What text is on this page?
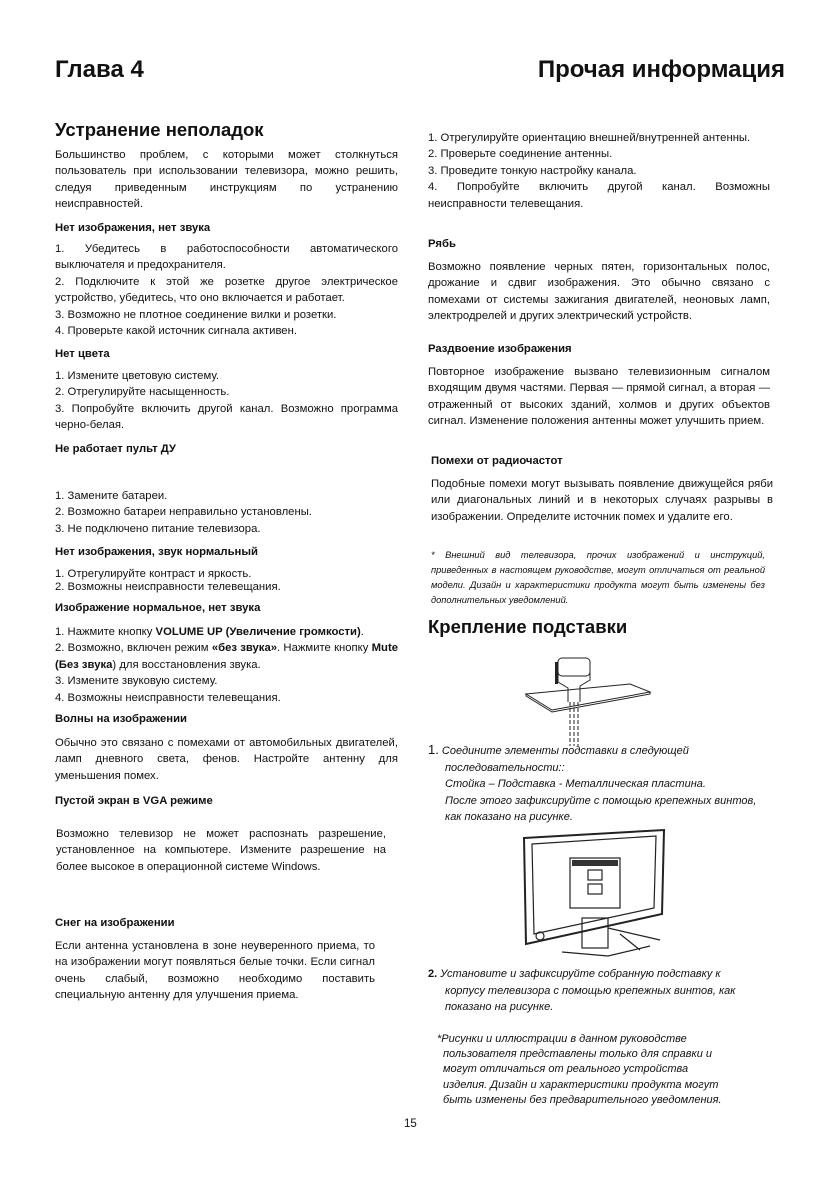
Глава 4	Прочая информация
Устранение неполадок
Большинство проблем, с которыми может столкнуться пользователь при использовании телевизора, можно решить, следуя приведенным инструкциям по устранению неисправностей.
Нет изображения, нет звука
1. Убедитесь в работоспособности автоматического выключателя и предохранителя.
2. Подключите к этой же розетке другое электрическое устройство, убедитесь, что оно включается и работает.
3. Возможно не плотное соединение вилки и розетки.
4. Проверьте какой источник сигнала активен.
Нет цвета
1. Измените цветовую систему.
2. Отрегулируйте насыщенность.
3. Попробуйте включить другой канал. Возможно программа черно-белая.
Не работает пульт ДУ
1. Замените батареи.
2. Возможно батареи неправильно установлены.
3. Не подключено питание телевизора.
Нет изображения, звук нормальный
1. Отрегулируйте контраст и яркость.
2. Возможны неисправности телевещания.
Изображение нормальное, нет звука
1. Нажмите кнопку VOLUME UP (Увеличение громкости).
2. Возможно, включен режим «без звука». Нажмите кнопку Mute (Без звука) для восстановления звука.
3. Измените звуковую систему.
4. Возможны неисправности телевещания.
Волны на изображении
Обычно это связано с помехами от автомобильных двигателей, ламп дневного света, фенов. Настройте антенну для уменьшения помех.
Пустой экран в VGA режиме
Возможно телевизор не может распознать разрешение, установленное на компьютере. Измените разрешение на более высокое в операционной системе Windows.
Снег на изображении
Если антенна установлена в зоне неуверенного приема, то на изображении могут появляться белые точки. Если сигнал очень слабый, возможно необходимо поставить специальную антенну для улучшения приема.
1. Отрегулируйте ориентацию внешней/внутренней антенны.
2. Проверьте соединение антенны.
3. Проведите тонкую настройку канала.
4. Попробуйте включить другой канал. Возможны неисправности телевещания.
Рябь
Возможно появление черных пятен, горизонтальных полос, дрожание и сдвиг изображения. Это обычно связано с помехами от системы зажигания двигателей, неоновых ламп, электродрелей и других электрический устройств.
Раздвоение изображения
Повторное изображение вызвано телевизионным сигналом входящим двумя частями. Первая — прямой сигнал, а вторая — отраженный от высоких зданий, холмов и других объектов сигнал. Изменение положения антенны может улучшить прием.
Помехи от радиочастот
Подобные помехи могут вызывать появление движущейся ряби или диагональных линий и в некоторых случаях разрывы в изображении. Определите источник помех и удалите его.
* Внешний вид телевизора, прочих изображений и инструкций, приведенных в настоящем руководстве, могут отличаться от реальной модели. Дизайн и характеристики продукта могут быть изменены без дополнительных уведомлений.
Крепление подставки
1. Соедините элементы подставки в следующей
последовательности::
Стойка – Подставка - Металлическая пластина.
После этого зафиксируйте с помощью крепежных винтов,
как показано на рисунке.
2. Установите и зафиксируйте собранную подставку к
корпусу телевизора с помощью крепежных винтов, как
показано на рисунке.
*Рисунки и иллюстрации в данном руководстве
пользователя представлены только для справки и
могут отличаться от реального устройства
изделия. Дизайн и характеристики продукта могут
быть изменены без предварительного уведомления.
15
